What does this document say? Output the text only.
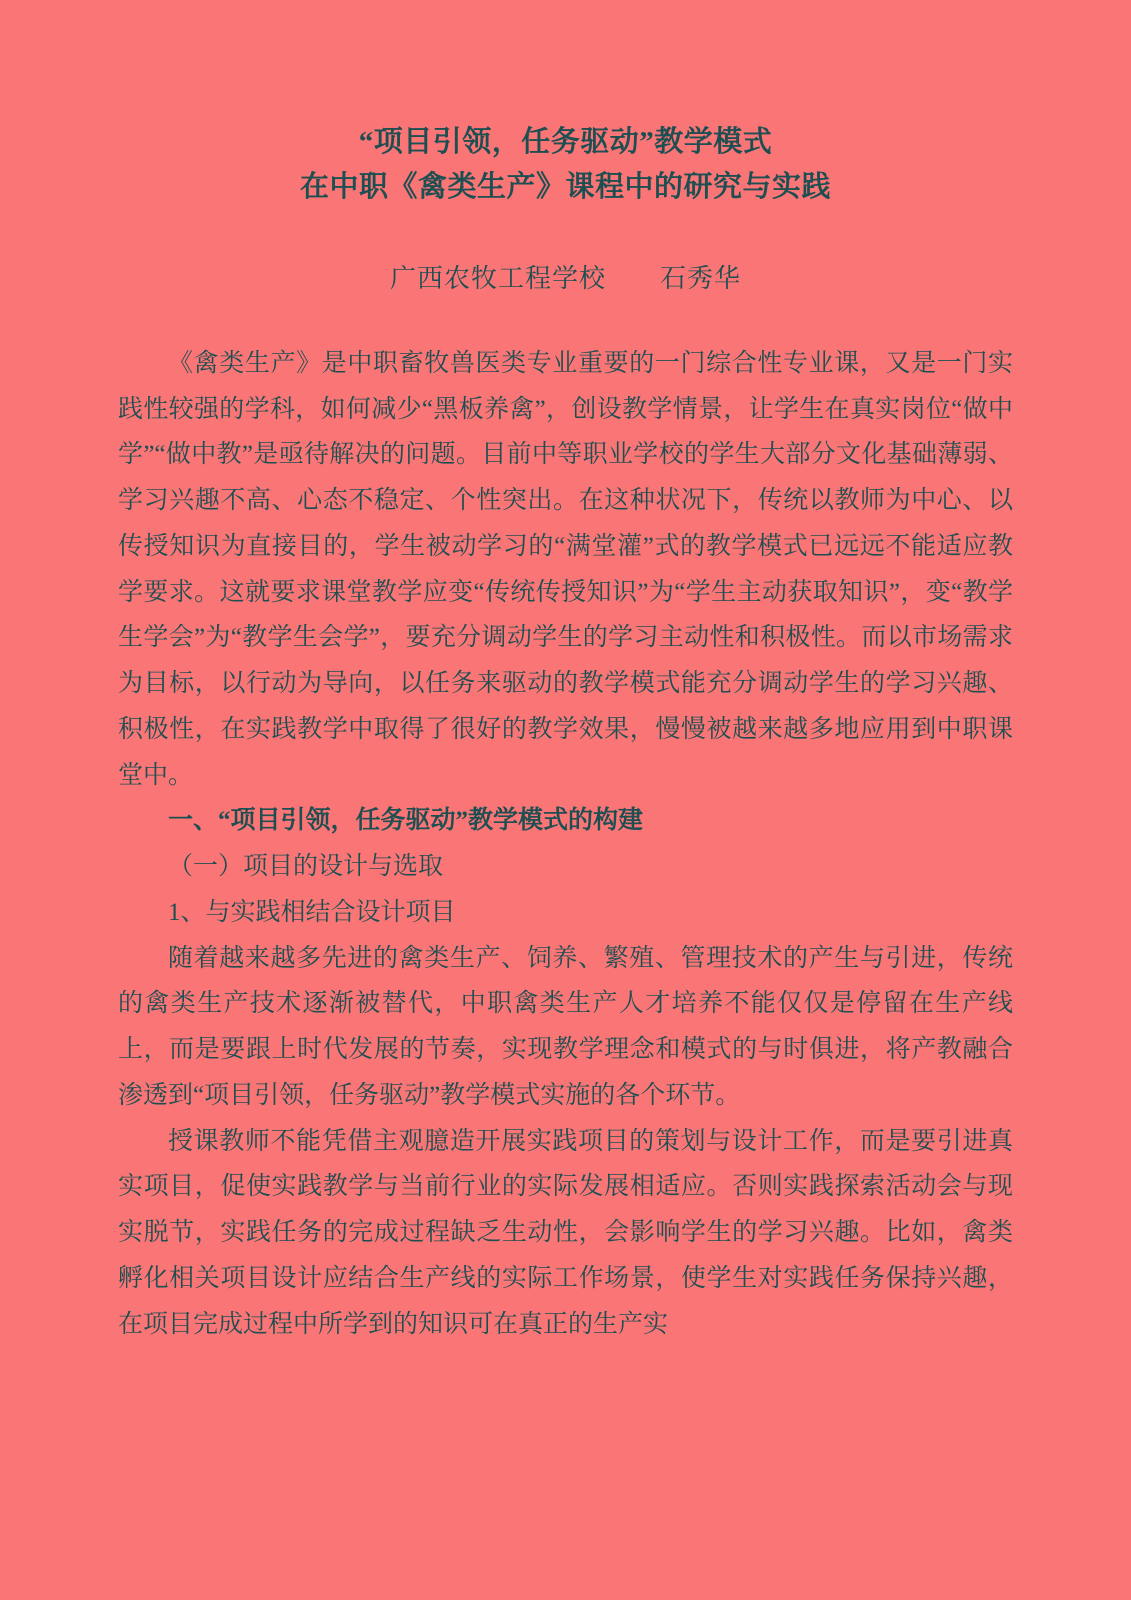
“项目引领，任务驱动”教学模式
在中职《禽类生产》课程中的研究与实践
广西农牧工程学校　　石秀华

《禽类生产》是中职畜牧兽医类专业重要的一门综合性专业课，又是一门实践性较强的学科，如何减少“黑板养禽”，创设教学情景，让学生在真实岗位“做中学”“做中教”是亟待解决的问题。目前中等职业学校的学生大部分文化基础薄弱、学习兴趣不高、心态不稳定、个性突出。在这种状况下，传统以教师为中心、以传授知识为直接目的，学生被动学习的“满堂灌”式的教学模式已远远不能适应教学要求。这就要求课堂教学应变“传统传授知识”为“学生主动获取知识”，变“教学生学会”为“教学生会学”，要充分调动学生的学习主动性和积极性。而以市场需求为目标，以行动为导向，以任务来驱动的教学模式能充分调动学生的学习兴趣、积极性，在实践教学中取得了很好的教学效果，慢慢被越来越多地应用到中职课堂中。

一、“项目引领，任务驱动”教学模式的构建

（一）项目的设计与选取

1、与实践相结合设计项目

随着越来越多先进的禽类生产、饲养、繁殖、管理技术的产生与引进，传统的禽类生产技术逐渐被替代，中职禽类生产人才培养不能仅仅是停留在生产线上，而是要跟上时代发展的节奏，实现教学理念和模式的与时俱进，将产教融合渗透到“项目引领，任务驱动”教学模式实施的各个环节。

授课教师不能凭借主观臆造开展实践项目的策划与设计工作，而是要引进真实项目，促使实践教学与当前行业的实际发展相适应。否则实践探索活动会与现实脱节，实践任务的完成过程缺乏生动性，会影响学生的学习兴趣。比如，禽类孵化相关项目设计应结合生产线的实际工作场景，使学生对实践任务保持兴趣，在项目完成过程中所学到的知识可在真正的生产实
